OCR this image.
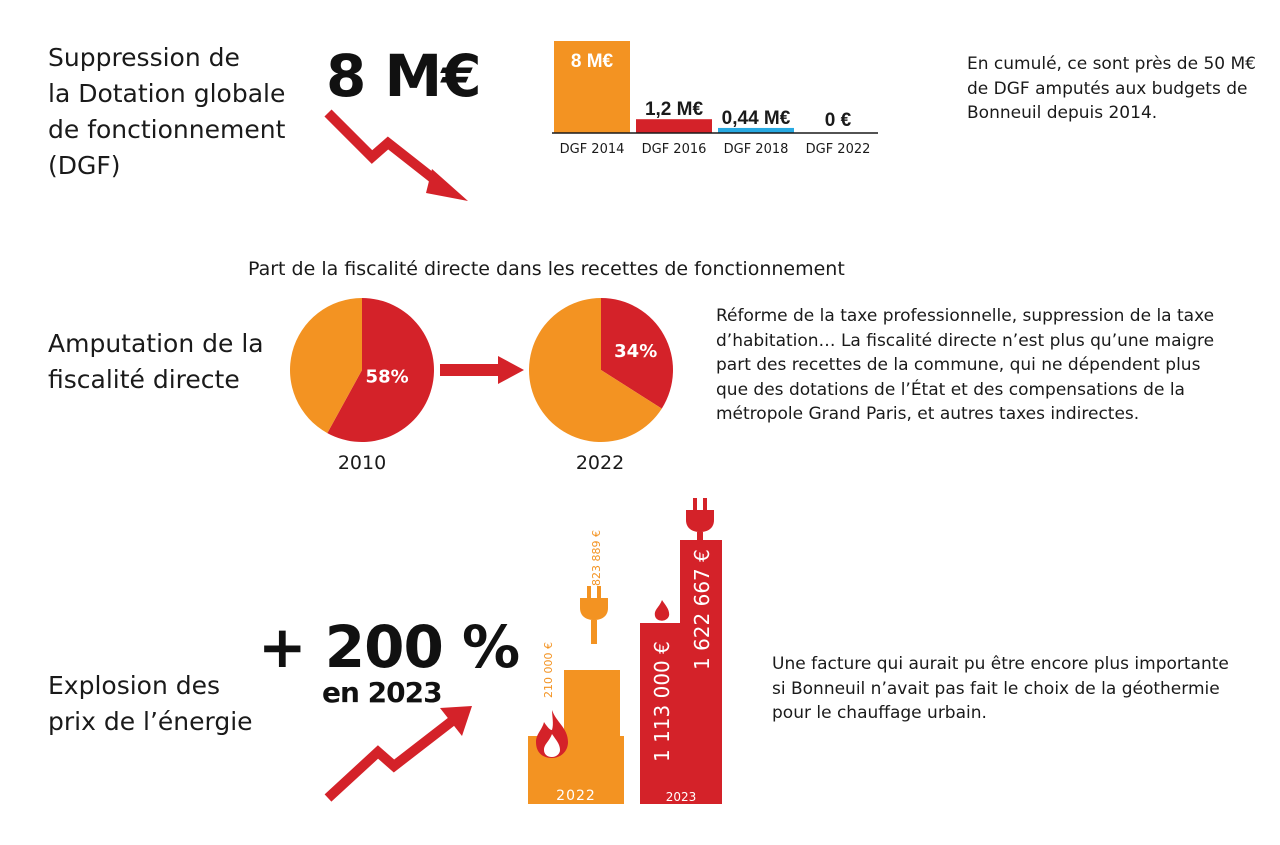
Suppression de
la Dotation globale
de fonctionnement
(DGF)
8 M€	8 M€
1,2 M€ 0,44 M€ 0 €
DGF 2014	DGF 2016	DGF 2018	DGF 2022

En cumulé, ce sont près de 50 M€
de DGF amputés aux budgets de
Bonneuil depuis 2014.

Part de la fiscalité directe dans les recettes de fonctionnement
Amputation de la
fiscalité directe	58%
2010
34%
2022

Réforme de la taxe professionnelle, suppression de la taxe
d’habitation… La fiscalité directe n’est plus qu’une maigre
part des recettes de la commune, qui ne dépendent plus
que des dotations de l’État et des compensations de la
métropole Grand Paris, et autres taxes indirectes.

Explosion des
prix de l’énergie
+ 200 %
en 2023	210 000 €
823 889 €
1 113 000 €
1 622 667 €
2022	2023

Une facture qui aurait pu être encore plus importante
si Bonneuil n’avait pas fait le choix de la géothermie
pour le chauffage urbain.
